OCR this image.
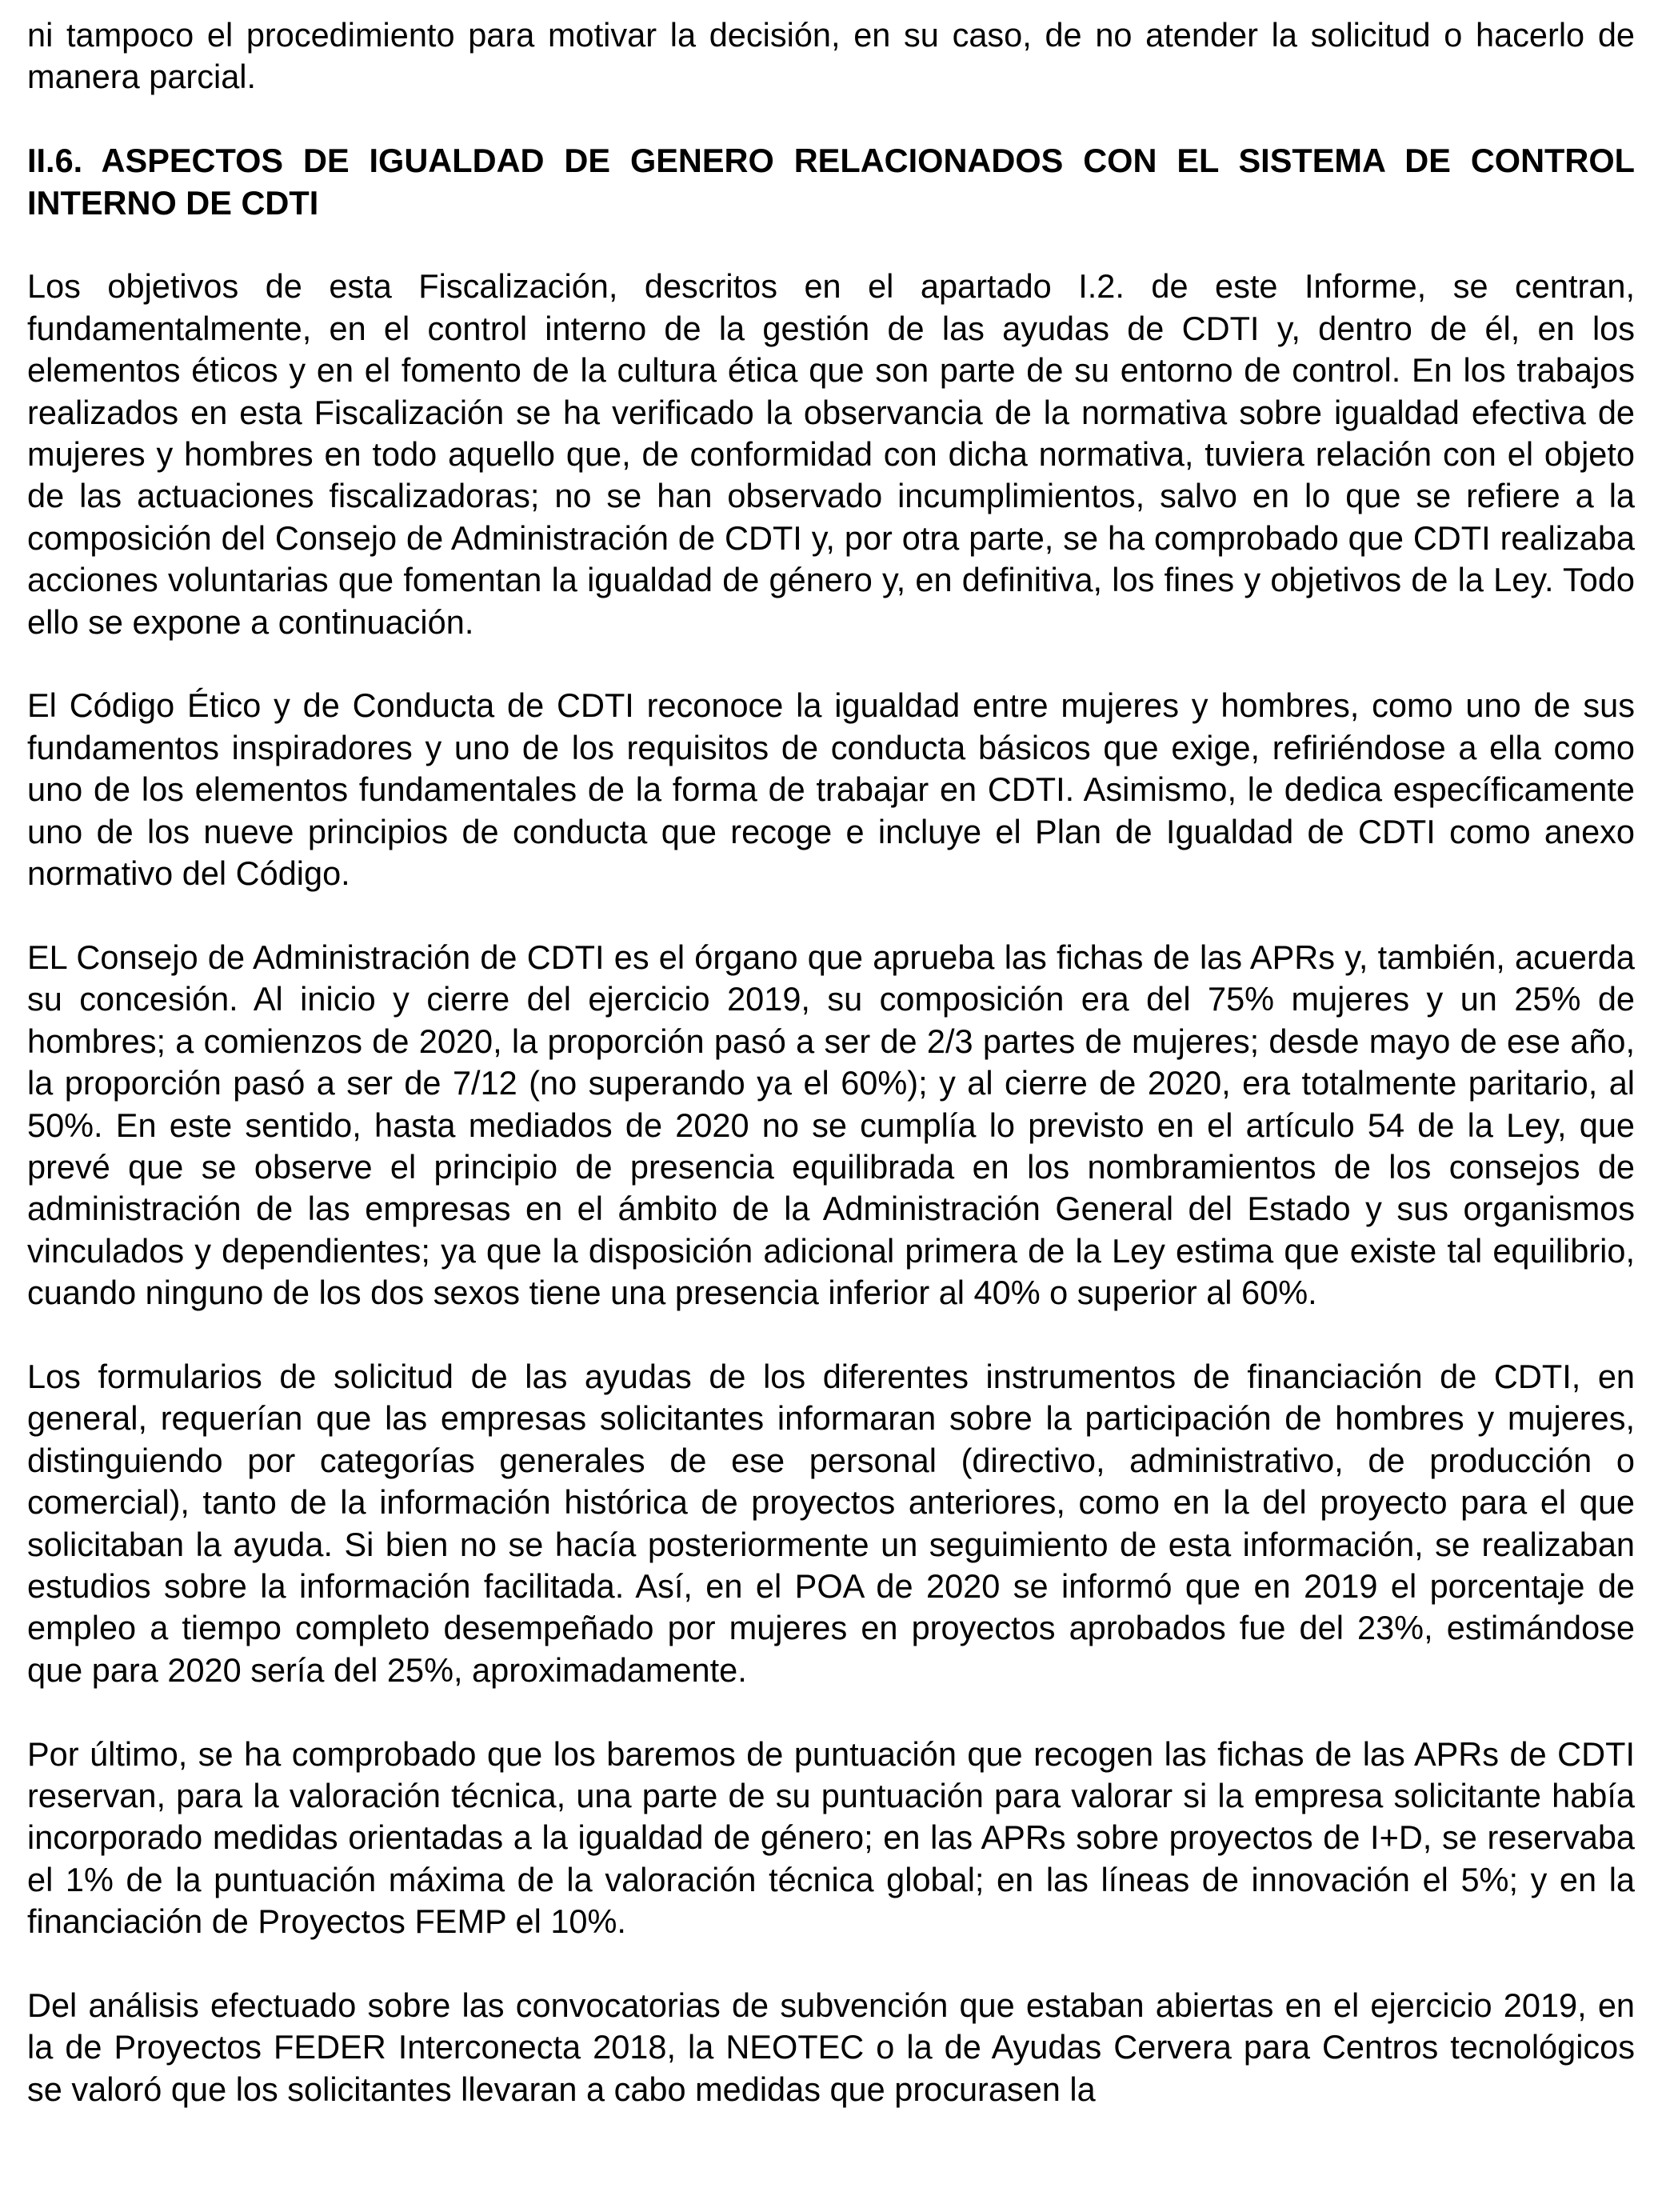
ni tampoco el procedimiento para motivar la decisión, en su caso, de no atender la solicitud o hacerlo de manera parcial.

II.6. ASPECTOS DE IGUALDAD DE GENERO RELACIONADOS CON EL SISTEMA DE CONTROL INTERNO DE CDTI

Los objetivos de esta Fiscalización, descritos en el apartado I.2. de este Informe, se centran, fundamentalmente, en el control interno de la gestión de las ayudas de CDTI y, dentro de él, en los elementos éticos y en el fomento de la cultura ética que son parte de su entorno de control. En los trabajos realizados en esta Fiscalización se ha verificado la observancia de la normativa sobre igualdad efectiva de mujeres y hombres en todo aquello que, de conformidad con dicha normativa, tuviera relación con el objeto de las actuaciones fiscalizadoras; no se han observado incumplimientos, salvo en lo que se refiere a la composición del Consejo de Administración de CDTI y, por otra parte, se ha comprobado que CDTI realizaba acciones voluntarias que fomentan la igualdad de género y, en definitiva, los fines y objetivos de la Ley. Todo ello se expone a continuación.

El Código Ético y de Conducta de CDTI reconoce la igualdad entre mujeres y hombres, como uno de sus fundamentos inspiradores y uno de los requisitos de conducta básicos que exige, refiriéndose a ella como uno de los elementos fundamentales de la forma de trabajar en CDTI. Asimismo, le dedica específicamente uno de los nueve principios de conducta que recoge e incluye el Plan de Igualdad de CDTI como anexo normativo del Código.

EL Consejo de Administración de CDTI es el órgano que aprueba las fichas de las APRs y, también, acuerda su concesión. Al inicio y cierre del ejercicio 2019, su composición era del 75% mujeres y un 25% de hombres; a comienzos de 2020, la proporción pasó a ser de 2/3 partes de mujeres; desde mayo de ese año, la proporción pasó a ser de 7/12 (no superando ya el 60%); y al cierre de 2020, era totalmente paritario, al 50%. En este sentido, hasta mediados de 2020 no se cumplía lo previsto en el artículo 54 de la Ley, que prevé que se observe el principio de presencia equilibrada en los nombramientos de los consejos de administración de las empresas en el ámbito de la Administración General del Estado y sus organismos vinculados y dependientes; ya que la disposición adicional primera de la Ley estima que existe tal equilibrio, cuando ninguno de los dos sexos tiene una presencia inferior al 40% o superior al 60%.

Los formularios de solicitud de las ayudas de los diferentes instrumentos de financiación de CDTI, en general, requerían que las empresas solicitantes informaran sobre la participación de hombres y mujeres, distinguiendo por categorías generales de ese personal (directivo, administrativo, de producción o comercial), tanto de la información histórica de proyectos anteriores, como en la del proyecto para el que solicitaban la ayuda. Si bien no se hacía posteriormente un seguimiento de esta información, se realizaban estudios sobre la información facilitada. Así, en el POA de 2020 se informó que en 2019 el porcentaje de empleo a tiempo completo desempeñado por mujeres en proyectos aprobados fue del 23%, estimándose que para 2020 sería del 25%, aproximadamente.

Por último, se ha comprobado que los baremos de puntuación que recogen las fichas de las APRs de CDTI reservan, para la valoración técnica, una parte de su puntuación para valorar si la empresa solicitante había incorporado medidas orientadas a la igualdad de género; en las APRs sobre proyectos de I+D, se reservaba el 1% de la puntuación máxima de la valoración técnica global; en las líneas de innovación el 5%; y en la financiación de Proyectos FEMP el 10%.

Del análisis efectuado sobre las convocatorias de subvención que estaban abiertas en el ejercicio 2019, en la de Proyectos FEDER Interconecta 2018, la NEOTEC o la de Ayudas Cervera para Centros tecnológicos se valoró que los solicitantes llevaran a cabo medidas que procurasen la
